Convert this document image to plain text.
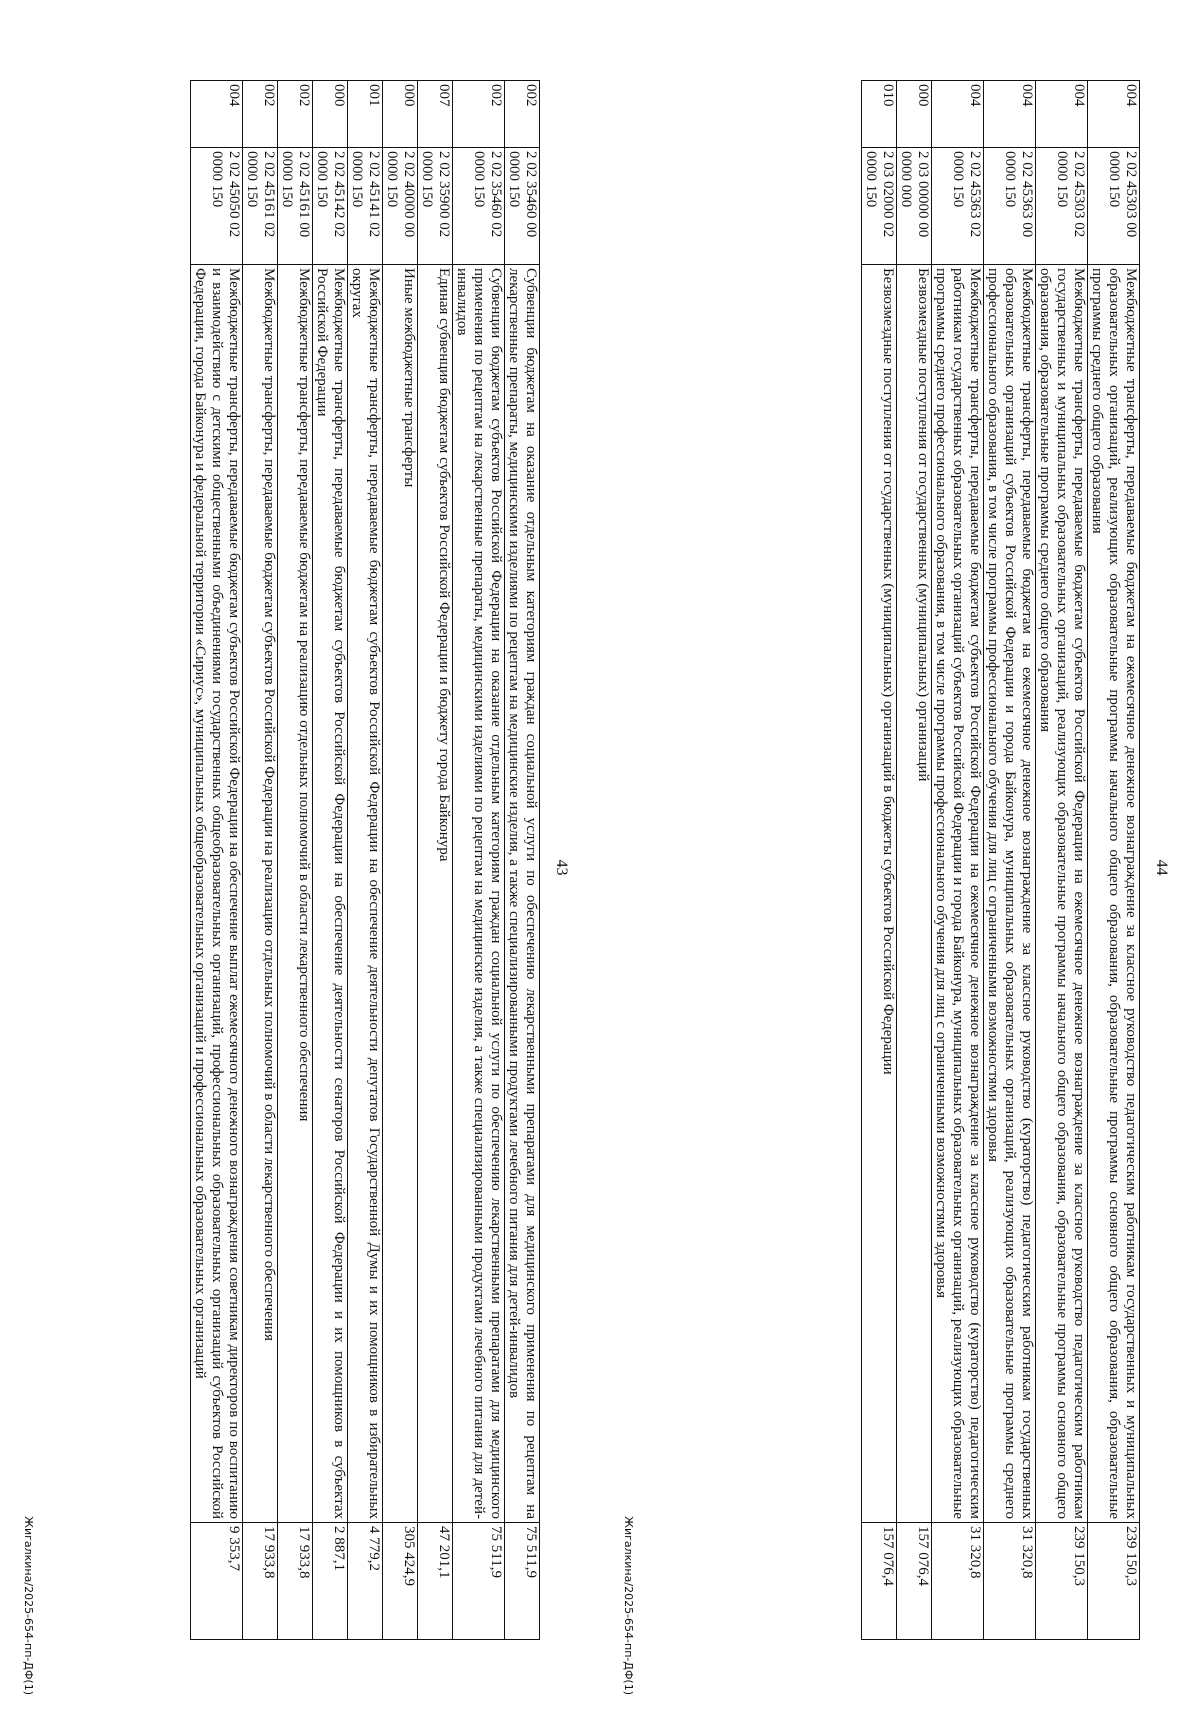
43
002	2 02 35460 00 0000 150	Субвенции бюджетам на оказание отдельным категориям граждан социальной услуги по обеспечению лекарственными препаратами для медицинского применения по рецептам на лекарственные препараты, медицинскими изделиями по рецептам на медицинские изделия, а также специализированными продуктами лечебного питания для детей-инвалидов	75 511,9
002	2 02 35460 02 0000 150	Субвенции бюджетам субъектов Российской Федерации на оказание отдельным категориям граждан социальной услуги по обеспечению лекарственными препаратами для медицинского применения по рецептам на лекарственные препараты, медицинскими изделиями по рецептам на медицинские изделия, а также специализированными продуктами лечебного питания для детей-инвалидов	75 511,9
007	2 02 35900 02 0000 150	Единая субвенция бюджетам субъектов Российской Федерации и бюджету города Байконура	47 201,1
000	2 02 40000 00 0000 150	Иные межбюджетные трансферты	305 424,9
001	2 02 45141 02 0000 150	Межбюджетные трансферты, передаваемые бюджетам субъектов Российской Федерации на обеспечение деятельности депутатов Государственной Думы и их помощников в избирательных округах	4 779,2
000	2 02 45142 02 0000 150	Межбюджетные трансферты, передаваемые бюджетам субъектов Российской Федерации на обеспечение деятельности сенаторов Российской Федерации и их помощников в субъектах Российской Федерации	2 887,1
002	2 02 45161 00 0000 150	Межбюджетные трансферты, передаваемые бюджетам на реализацию отдельных полномочий в области лекарственного обеспечения	17 933,8
002	2 02 45161 02 0000 150	Межбюджетные трансферты, передаваемые бюджетам субъектов Российской Федерации на реализацию отдельных полномочий в области лекарственного обеспечения	17 933,8
004	2 02 45050 02 0000 150	Межбюджетные трансферты, передаваемые бюджетам субъектов Российской Федерации на обеспечение выплат ежемесячного денежного вознаграждения советникам директоров по воспитанию и взаимодействию с детскими общественными объединениями государственных общеобразовательных организаций, профессиональных образовательных организаций субъектов Российской Федерации, города Байконура и федеральной территории «Сириус», муниципальных общеобразовательных организаций и профессиональных образовательных организаций	9 353,7
Жигалкина/2025-654-пп-ДФ(1)
44
004	2 02 45303 00 0000 150	Межбюджетные трансферты, передаваемые бюджетам на ежемесячное денежное вознаграждение за классное руководство педагогическим работникам государственных и муниципальных образовательных организаций, реализующих образовательные программы начального общего образования, образовательные программы основного общего образования, образовательные программы среднего общего образования	239 150,3
004	2 02 45303 02 0000 150	Межбюджетные трансферты, передаваемые бюджетам субъектов Российской Федерации на ежемесячное денежное вознаграждение за классное руководство педагогическим работникам государственных и муниципальных образовательных организаций, реализующих образовательные программы начального общего образования, образовательные программы основного общего образования, образовательные программы среднего общего образования	239 150,3
004	2 02 45363 00 0000 150	Межбюджетные трансферты, передаваемые бюджетам на ежемесячное денежное вознаграждение за классное руководство (кураторство) педагогическим работникам государственных образовательных организаций субъектов Российской Федерации и города Байконура, муниципальных образовательных организаций, реализующих образовательные программы среднего профессионального образования, в том числе программы профессионального обучения для лиц с ограниченными возможностями здоровья	31 320,8
004	2 02 45363 02 0000 150	Межбюджетные трансферты, передаваемые бюджетам субъектов Российской Федерации на ежемесячное денежное вознаграждение за классное руководство (кураторство) педагогическим работникам государственных образовательных организаций субъектов Российской Федерации и города Байконура, муниципальных образовательных организаций, реализующих образовательные программы среднего профессионального образования, в том числе программы профессионального обучения для лиц с ограниченными возможностями здоровья	31 320,8
000	2 03 00000 00 0000 000	Безвозмездные поступления от государственных (муниципальных) организаций	157 076,4
010	2 03 02000 02 0000 150	Безвозмездные поступления от государственных (муниципальных) организаций в бюджеты субъектов Российской Федерации	157 076,4
Жигалкина/2025-654-пп-ДФ(1)
